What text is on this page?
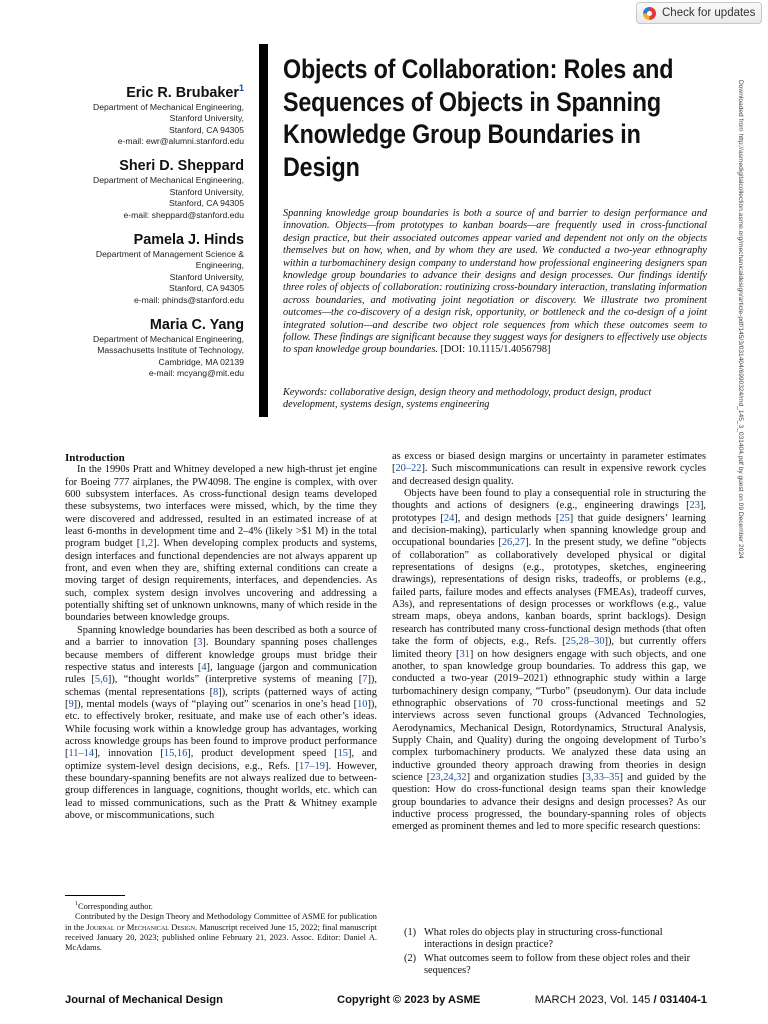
Check for updates
Eric R. Brubaker$^1$
Department of Mechanical Engineering,
Stanford University,
Stanford, CA 94305
e-mail: ewr@alumni.stanford.edu
Sheri D. Sheppard
Department of Mechanical Engineering,
Stanford University,
Stanford, CA 94305
e-mail: sheppard@stanford.edu
Pamela J. Hinds
Department of Management Science &
Engineering,
Stanford University,
Stanford, CA 94305
e-mail: phinds@stanford.edu
Maria C. Yang
Department of Mechanical Engineering,
Massachusetts Institute of Technology,
Cambridge, MA 02139
e-mail: mcyang@mit.edu
Objects of Collaboration: Roles and Sequences of Objects in Spanning Knowledge Group Boundaries in Design
Spanning knowledge group boundaries is both a source of and barrier to design performance and innovation. Objects—from prototypes to kanban boards—are frequently used in cross-functional design practice, but their associated outcomes appear varied and dependent not only on the objects themselves but on how, when, and by whom they are used. We conducted a two-year ethnography within a turbomachinery design company to understand how professional engineering designers span knowledge group boundaries to advance their designs and design processes. Our findings identify three roles of objects of collaboration: routinizing cross-boundary interaction, translating information across boundaries, and motivating joint negotiation or discovery. We illustrate two prominent outcomes—the co-discovery of a design risk, opportunity, or bottleneck and the co-design of a joint integrated solution—and describe two object role sequences from which these outcomes seem to follow. These findings are significant because they suggest ways for designers to effectively use objects to span knowledge group boundaries. [DOI: 10.1115/1.4056798]
Keywords: collaborative design, design theory and methodology, product design, product development, systems design, systems engineering	Downloaded from http://asmedigitalcollection.asme.org/mechanicaldesign/article-pdf/145/3/031404/6990324/md_145_3_031404.pdf by guest on 09 December 2024

Introduction

In the 1990s Pratt and Whitney developed a new high-thrust jet engine for Boeing 777 airplanes, the PW4098. The engine is complex, with over 600 subsystem interfaces. As cross-functional design teams developed these subsystems, two interfaces were missed, which, by the time they were discovered and addressed, resulted in an estimated increase of at least 6-months in development time and 2–4% (likely >$1 M) in the total program budget [1,2]. When developing complex products and systems, design interfaces and functional dependencies are not always apparent up front, and even when they are, shifting external conditions can create a moving target of design requirements, interfaces, and dependencies. As such, complex system design involves uncovering and addressing a potentially shifting set of unknown unknowns, many of which reside in the boundaries between knowledge groups.

Spanning knowledge boundaries has been described as both a source of and a barrier to innovation [3]. Boundary spanning poses challenges because members of different knowledge groups must bridge their respective status and interests [4], language (jargon and communication rules [5,6]), “thought worlds” (interpretive systems of meaning [7]), schemas (mental representations [8]), scripts (patterned ways of acting [9]), mental models (ways of “playing out” scenarios in one’s head [10]), etc. to effectively broker, resituate, and make use of each other’s ideas. While focusing work within a knowledge group has advantages, working across knowledge groups has been found to improve product performance [11–14], innovation [15,16], product development speed [15], and optimize system-level design decisions, e.g., Refs. [17–19]. However, these boundary-spanning benefits are not always realized due to between-group differences in language, cognitions, thought worlds, etc. which can lead to missed communications, such as the Pratt & Whitney example above, or miscommunications, such

as excess or biased design margins or uncertainty in parameter estimates [20–22]. Such miscommunications can result in expensive rework cycles and decreased design quality.

Objects have been found to play a consequential role in structuring the thoughts and actions of designers (e.g., engineering drawings [23], prototypes [24], and design methods [25] that guide designers’ learning and decision-making), particularly when spanning knowledge group and occupational boundaries [26,27]. In the present study, we define “objects of collaboration” as collaboratively developed physical or digital representations of designs (e.g., prototypes, sketches, engineering drawings), representations of design risks, tradeoffs, or problems (e.g., failed parts, failure modes and effects analyses (FMEAs), tradeoff curves, A3s), and representations of design processes or workflows (e.g., value stream maps, obeya andons, kanban boards, sprint backlogs). Design research has contributed many cross-functional design methods (that often take the form of objects, e.g., Refs. [25,28–30]), but currently offers limited theory [31] on how designers engage with such objects, and one another, to span knowledge group boundaries. To address this gap, we conducted a two-year (2019–2021) ethnographic study within a large turbomachinery design company, “Turbo” (pseudonym). Our data include ethnographic observations of 70 cross-functional meetings and 52 interviews across seven functional groups (Advanced Technologies, Aerodynamics, Mechanical Design, Rotordynamics, Structural Analysis, Supply Chain, and Quality) during the ongoing development of Turbo’s complex turbomachinery products. We analyzed these data using an inductive grounded theory approach drawing from theories in design science [23,24,32] and organization studies [3,33–35] and guided by the question: How do cross-functional design teams span their knowledge group boundaries to advance their designs and design processes? As our inductive process progressed, the boundary-spanning roles of objects emerged as prominent themes and led to more specific research questions:

(1) What roles do objects play in structuring cross-functional interactions in design practice?
(2) What outcomes seem to follow from these object roles and their sequences?

$^1$Corresponding author.

Contributed by the Design Theory and Methodology Committee of ASME for publication in the Journal of Mechanical Design. Manuscript received June 15, 2022; final manuscript received January 20, 2023; published online February 21, 2023. Assoc. Editor: Daniel A. McAdams.

Journal of Mechanical Design	Copyright © 2023 by ASME	MARCH 2023, Vol. 145 / 031404-1
